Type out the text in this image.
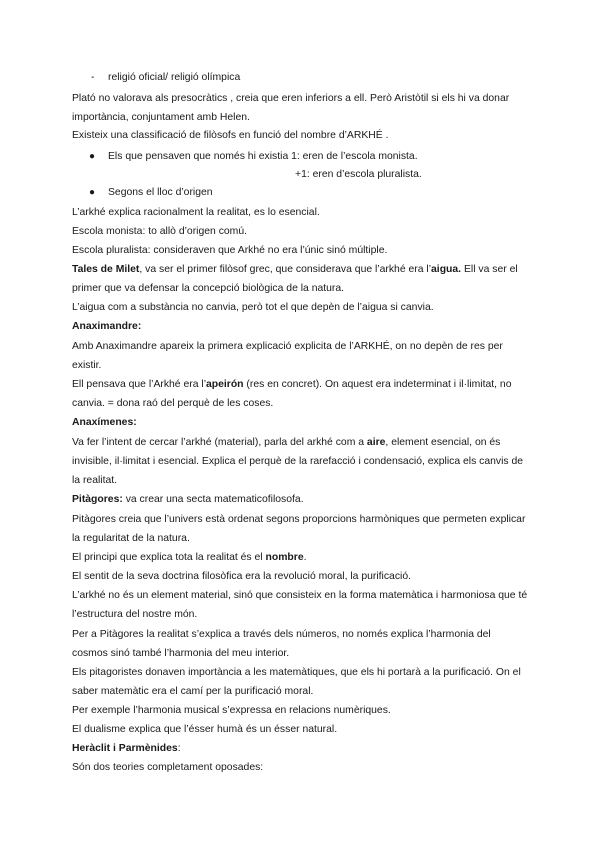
- religió oficial/ religió olímpica
Plató no valorava als presocràtics , creia que eren inferiors a ell. Però Aristòtil si els hi va donar
importància, conjuntament amb Helen.
Existeix una classificació de filòsofs en funció del nombre d’ARKHÉ .
● Els que pensaven que només hi existia 1: eren de l’escola monista.
+1: eren d’escola pluralista.
● Segons el lloc d’origen
L’arkhé explica racionalment la realitat, es lo esencial.
Escola monista: to allò d’origen comú.
Escola pluralista: consideraven que Arkhé no era l’únic sinó múltiple.
Tales de Milet, va ser el primer filòsof grec, que considerava que l’arkhé era l’aigua. Ell va ser el
primer que va defensar la concepció biològica de la natura.
L’aigua com a substància no canvia, però tot el que depèn de l’aigua si canvia.
Anaximandre:
Amb Anaximandre apareix la primera explicació explicita de l’ARKHÉ, on no depèn de res per
existir.
Ell pensava que l’Arkhé era l’apeirón (res en concret). On aquest era indeterminat i il·limitat, no
canvia. = dona raó del perquè de les coses.
Anaxímenes:
Va fer l’intent de cercar l’arkhé (material), parla del arkhé com a aire, element esencial, on és
invisible, il·limitat i esencial. Explica el perquè de la rarefacció i condensació, explica els canvis de
la realitat.
Pitàgores: va crear una secta matematicofilosofa.
Pitàgores creia que l’univers està ordenat segons proporcions harmòniques que permeten explicar
la regularitat de la natura.
El principi que explica tota la realitat és el nombre.
El sentit de la seva doctrina filosòfica era la revolució moral, la purificació.
L’arkhé no és un element material, sinó que consisteix en la forma matemàtica i harmoniosa que té
l’estructura del nostre món.
Per a Pitàgores la realitat s’explica a través dels números, no només explica l’harmonia del
cosmos sinó també l’harmonia del meu interior.
Els pitagoristes donaven importància a les matemàtiques, que els hi portarà a la purificació. On el
saber matemàtic era el camí per la purificació moral.
Per exemple l’harmonia musical s’expressa en relacions numèriques.
El dualisme explica que l’ésser humà és un ésser natural.
Heràclit i Parmènides:
Són dos teories completament oposades:
